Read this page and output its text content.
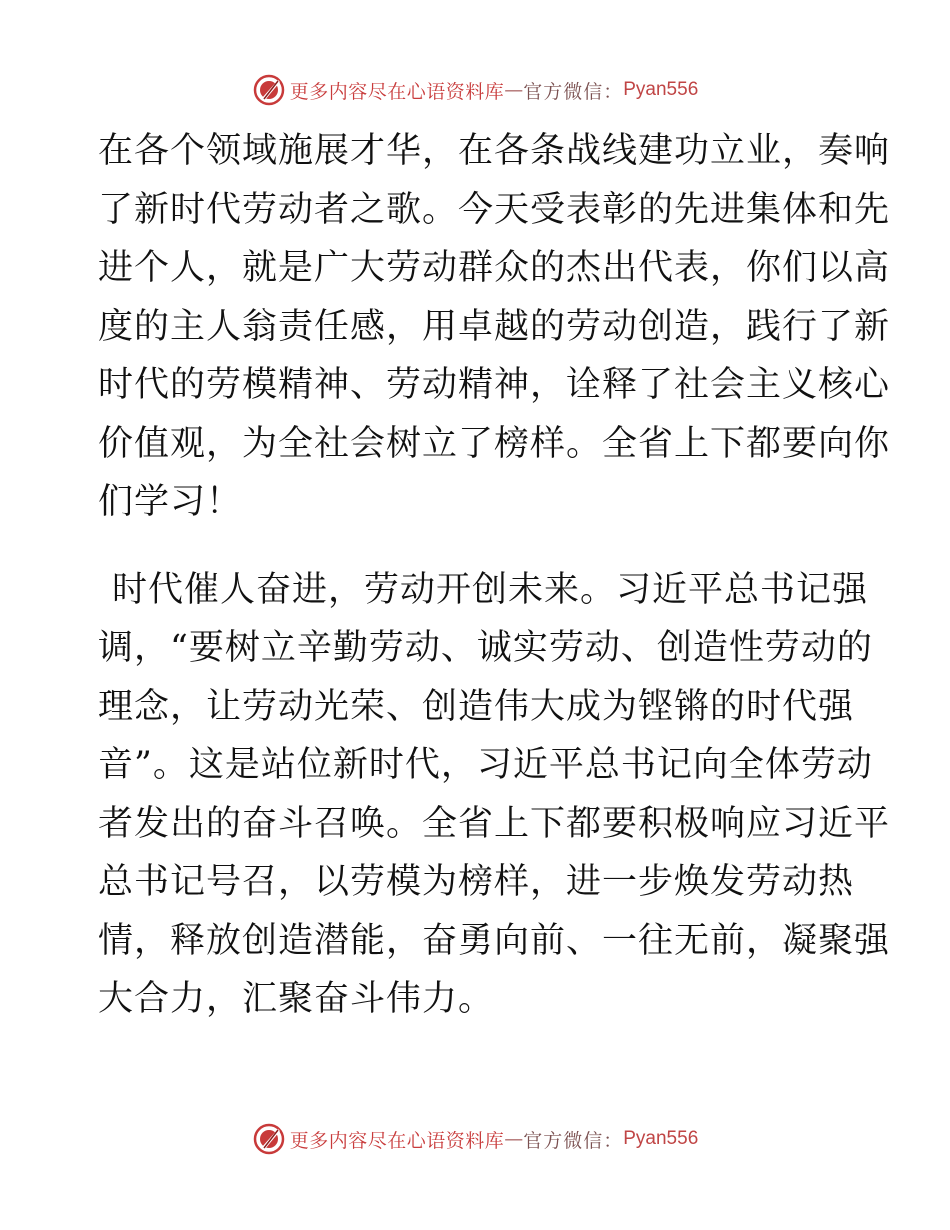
更多内容尽在心语资料库 — 官方微信： Pyan556

在各个领域施展才华，在各条战线建功立业，奏响
了新时代劳动者之歌。今天受表彰的先进集体和先
进个人，就是广大劳动群众的杰出代表，你们以高
度的主人翁责任感，用卓越的劳动创造，践行了新
时代的劳模精神、劳动精神，诠释了社会主义核心
价值观，为全社会树立了榜样。全省上下都要向你
们学习！

时代催人奋进，劳动开创未来。习近平总书记强
调，“要树立辛勤劳动、诚实劳动、创造性劳动的
理念，让劳动光荣、创造伟大成为铿锵的时代强
音”。这是站位新时代，习近平总书记向全体劳动
者发出的奋斗召唤。全省上下都要积极响应习近平
总书记号召，以劳模为榜样，进一步焕发劳动热
情，释放创造潜能，奋勇向前、一往无前，凝聚强
大合力，汇聚奋斗伟力。

更多内容尽在心语资料库 — 官方微信： Pyan556
